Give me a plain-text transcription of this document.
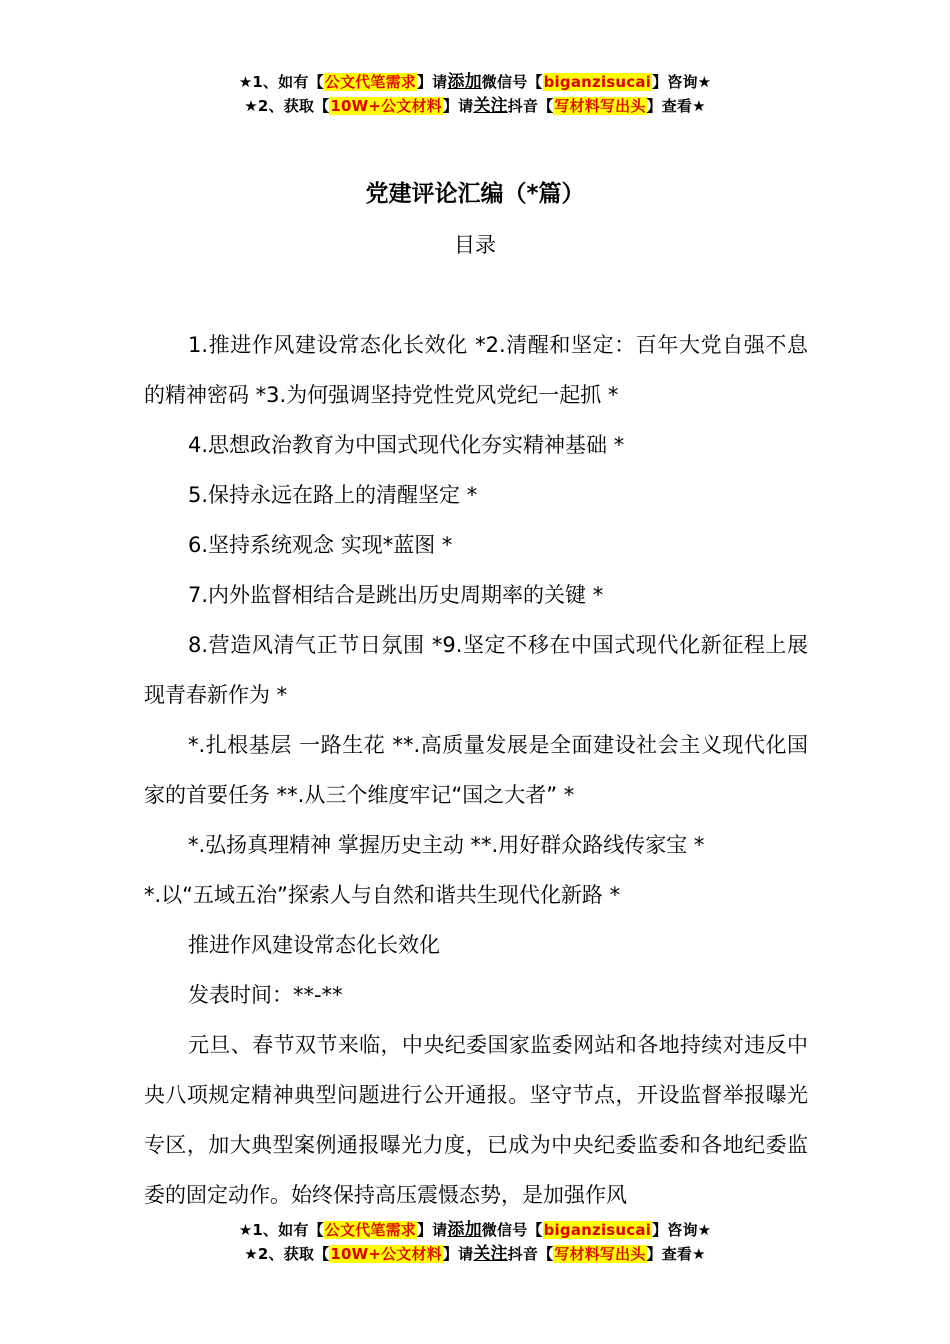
★1、如有【公文代笔需求】请添加微信号【biganzisucai】咨询★
★2、获取【10W+公文材料】请关注抖音【写材料写出头】查看★
党建评论汇编（*篇）
目录

1.推进作风建设常态化长效化 *2.清醒和坚定：百年大党自强不息的精神密码 *3.为何强调坚持党性党风党纪一起抓 *

4.思想政治教育为中国式现代化夯实精神基础 *

5.保持永远在路上的清醒坚定 *

6.坚持系统观念 实现*蓝图 *

7.内外监督相结合是跳出历史周期率的关键 *

8.营造风清气正节日氛围 *9.坚定不移在中国式现代化新征程上展现青春新作为 *

*.扎根基层 一路生花 **.高质量发展是全面建设社会主义现代化国家的首要任务 **.从三个维度牢记“国之大者” *

*.弘扬真理精神 掌握历史主动 **.用好群众路线传家宝 *

*.以“五域五治”探索人与自然和谐共生现代化新路 *

推进作风建设常态化长效化

发表时间：**-**

元旦、春节双节来临，中央纪委国家监委网站和各地持续对违反中央八项规定精神典型问题进行公开通报。坚守节点，开设监督举报曝光专区，加大典型案例通报曝光力度，已成为中央纪委监委和各地纪委监委的固定动作。始终保持高压震慑态势，是加强作风

★1、如有【公文代笔需求】请添加微信号【biganzisucai】咨询★
★2、获取【10W+公文材料】请关注抖音【写材料写出头】查看★
